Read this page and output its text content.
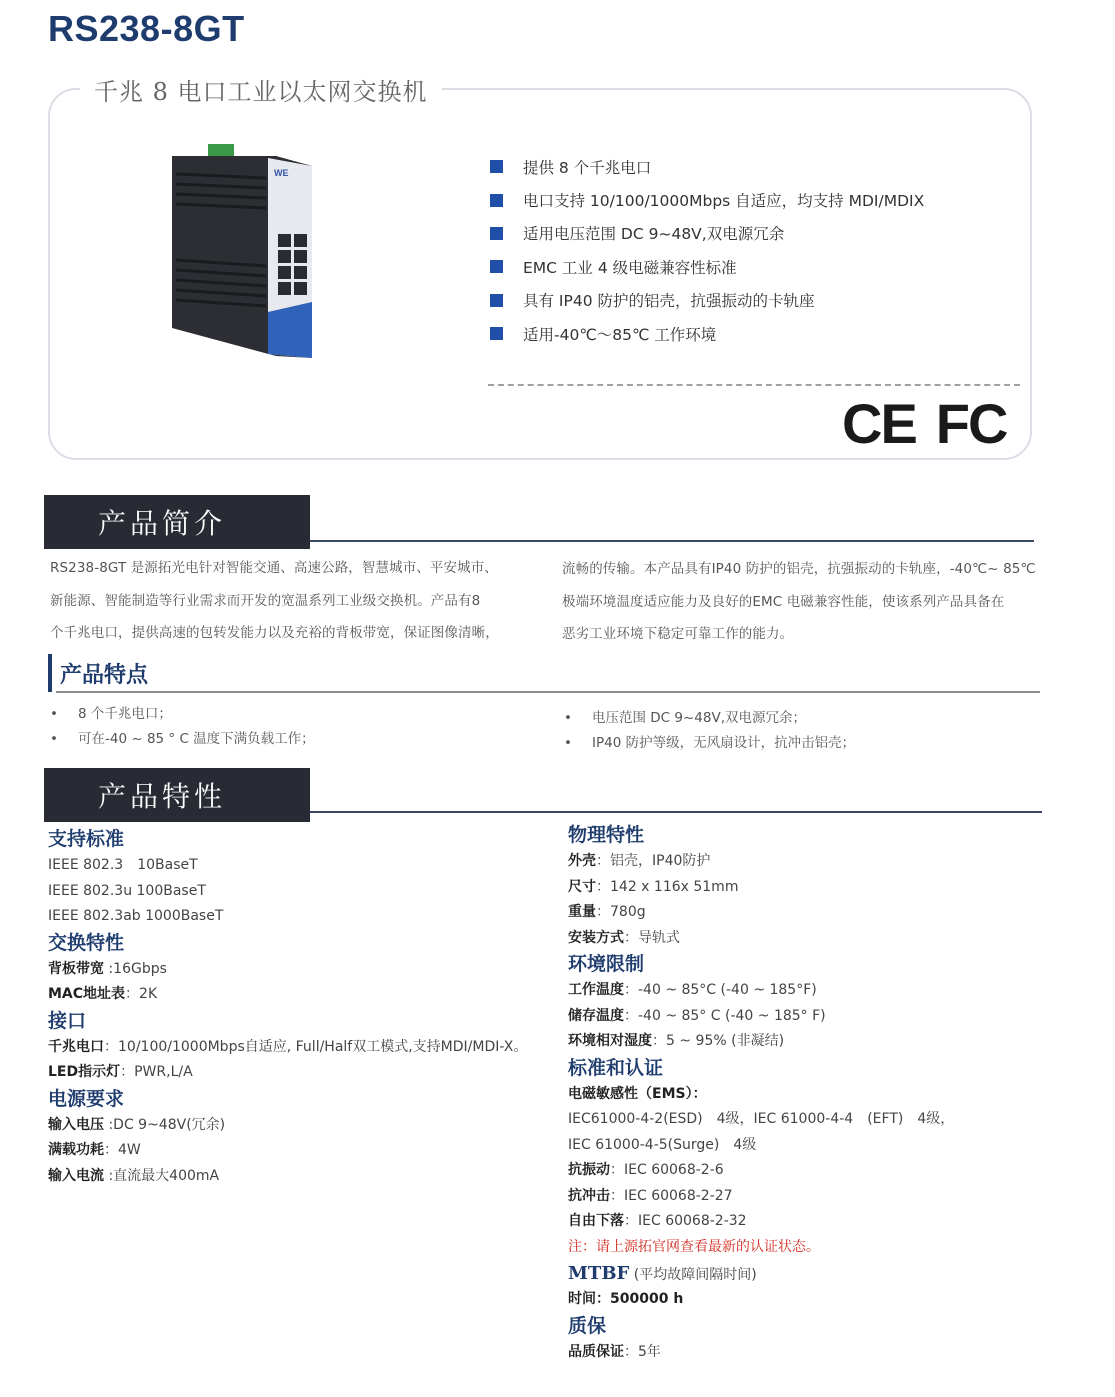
RS238-8GT
千兆 8 电口工业以太网交换机
WE	提供 8 个千兆电口
电口支持 10/100/1000Mbps 自适应，均支持 MDI/MDIX
适用电压范围 DC 9~48V,双电源冗余
EMC 工业 4 级电磁兼容性标准
具有 IP40 防护的铝壳，抗强振动的卡轨座
适用-40℃～85℃ 工作环境
CE FC
产品简介
RS238-8GT 是源拓光电针对智能交通、高速公路，智慧城市、平安城市、
新能源、智能制造等行业需求而开发的宽温系列工业级交换机。产品有8
个千兆电口，提供高速的包转发能力以及充裕的背板带宽，保证图像清晰，
流畅的传输。本产品具有IP40 防护的铝壳，抗强振动的卡轨座，-40℃~ 85℃
极端环境温度适应能力及良好的EMC 电磁兼容性能，使该系列产品具备在
恶劣工业环境下稳定可靠工作的能力。
产品特点
• 8 个千兆电口；
• 可在-40 ~ 85 ° C 温度下满负载工作；
• 电压范围 DC 9~48V,双电源冗余；
• IP40 防护等级，无风扇设计，抗冲击铝壳；
产品特性
支持标准
IEEE 802.3　10BaseT
IEEE 802.3u 100BaseT
IEEE 802.3ab 1000BaseT
交换特性
背板带宽 :16Gbps
MAC地址表：2K
接口
千兆电口：10/100/1000Mbps自适应, Full/Half双工模式,支持MDI/MDI-X。
LED指示灯：PWR,L/A
电源要求
输入电压 :DC 9~48V(冗余)
满载功耗：4W
输入电流 :直流最大400mA
物理特性
外壳：铝壳，IP40防护
尺寸：142 x 116x 51mm
重量：780g
安装方式：导轨式
环境限制
工作温度：-40 ~ 85°C (-40 ~ 185°F)
储存温度：-40 ~ 85° C (-40 ~ 185° F)
环境相对湿度：5 ~ 95% (非凝结)
标准和认证
电磁敏感性（EMS）：
IEC61000-4-2(ESD)　4级，IEC 61000-4-4　(EFT)　4级，
IEC 61000-4-5(Surge)　4级
抗振动：IEC 60068-2-6
抗冲击：IEC 60068-2-27
自由下落：IEC 60068-2-32
注：请上源拓官网查看最新的认证状态。
MTBF (平均故障间隔时间)
时间：500000 h
质保
品质保证：5年
